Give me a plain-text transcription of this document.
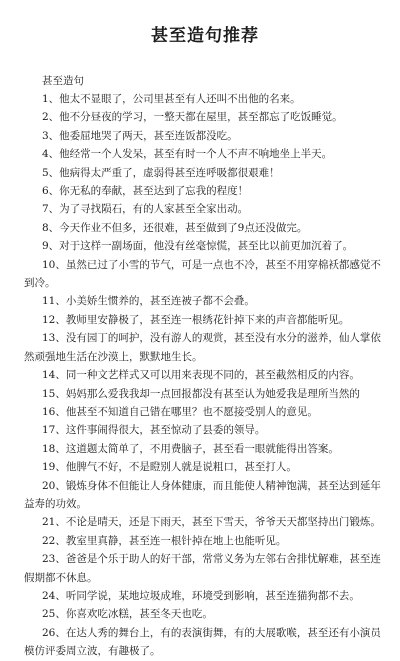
甚至造句推荐
甚至造句
1、他太不显眼了，公司里甚至有人还叫不出他的名来。
2、他不分昼夜的学习，一整天都在屋里，甚至都忘了吃饭睡觉。
3、他委屈地哭了两天，甚至连饭都没吃。
4、他经常一个人发呆，甚至有时一个人不声不响地坐上半天。
5、他病得太严重了，虚弱得甚至连呼吸都很艰难！
6、你无私的奉献，甚至达到了忘我的程度！
7、为了寻找陨石，有的人家甚至全家出动。
8、今天作业不但多，还很难，甚至做到了9点还没做完。
9、对于这样一副场面，他没有丝毫惊慌，甚至比以前更加沉着了。
10、虽然已过了小雪的节气，可是一点也不冷，甚至不用穿棉袄都感觉不到冷。
11、小美娇生惯养的，甚至连被子都不会叠。
12、教师里安静极了，甚至连一根绣花针掉下来的声音都能听见。
13、没有园丁的呵护，没有游人的观赏，甚至没有水分的滋养，仙人掌依然顽强地生活在沙漠上，默默地生长。
14、同一种文艺样式又可以用来表现不同的，甚至截然相反的内容。
15、妈妈那么爱我我却一点回报都没有甚至认为她爱我是理所当然的
16、他甚至不知道自己错在哪里？也不愿接受别人的意见。
17、这件事闹得很大，甚至惊动了县委的领导。
18、这道题太简单了，不用费脑子，甚至看一眼就能得出答案。
19、他脾气不好，不是瞪别人就是说粗口，甚至打人。
20、锻炼身体不但能让人身体健康，而且能使人精神饱满，甚至达到延年益寿的功效。
21、不论是晴天，还是下雨天，甚至下雪天，爷爷天天都坚持出门锻炼。
22、教室里真静，甚至连一根针掉在地上也能听见。
23、爸爸是个乐于助人的好干部，常常义务为左邻右舍排忧解难，甚至连假期都不休息。
24、听同学说，某地垃圾成堆，环境受到影响，甚至连猫狗都不去。
25、你喜欢吃冰糕，甚至冬天也吃。
26、在达人秀的舞台上，有的表演街舞，有的大展歌喉，甚至还有小演员模仿评委周立波，有趣极了。
